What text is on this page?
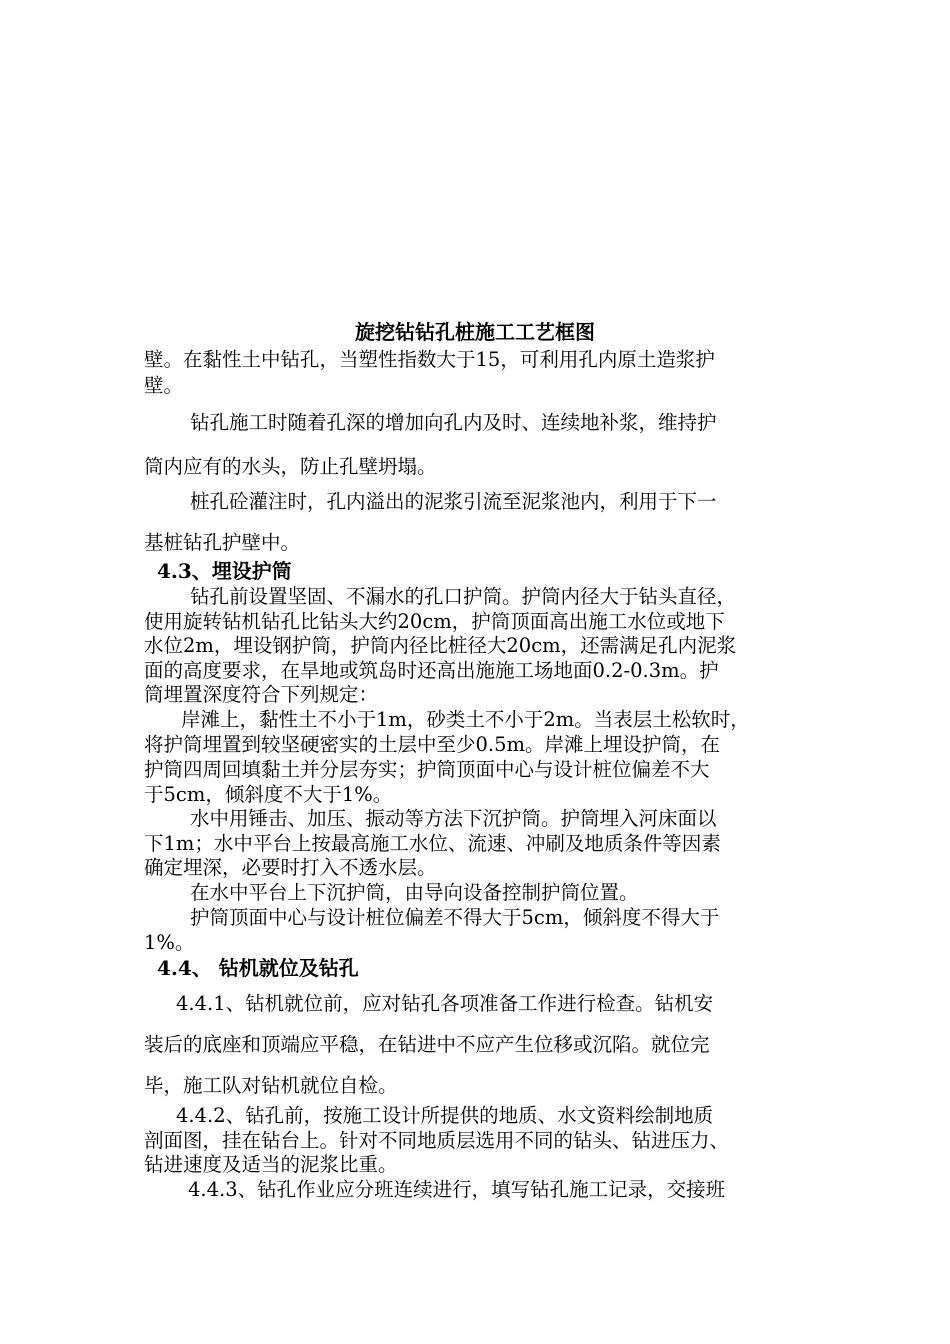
旋挖钻钻孔桩施工工艺框图
壁。在黏性土中钻孔，当塑性指数大于15，可利用孔内原土造浆护
壁。
钻孔施工时随着孔深的增加向孔内及时、连续地补浆，维持护
筒内应有的水头，防止孔壁坍塌。
桩孔砼灌注时，孔内溢出的泥浆引流至泥浆池内，利用于下一
基桩钻孔护壁中。
4.3、埋设护筒
钻孔前设置坚固、不漏水的孔口护筒。护筒内径大于钻头直径，
使用旋转钻机钻孔比钻头大约20cm，护筒顶面高出施工水位或地下
水位2m，埋设钢护筒，护筒内径比桩径大20cm，还需满足孔内泥浆
面的高度要求，在旱地或筑岛时还高出施施工场地面0.2-0.3m。护
筒埋置深度符合下列规定：
岸滩上，黏性土不小于1m，砂类土不小于2m。当表层土松软时，
将护筒埋置到较坚硬密实的土层中至少0.5m。岸滩上埋设护筒，在
护筒四周回填黏土并分层夯实；护筒顶面中心与设计桩位偏差不大
于5cm，倾斜度不大于1%。
水中用锤击、加压、振动等方法下沉护筒。护筒埋入河床面以
下1m；水中平台上按最高施工水位、流速、冲刷及地质条件等因素
确定埋深，必要时打入不透水层。
在水中平台上下沉护筒，由导向设备控制护筒位置。
护筒顶面中心与设计桩位偏差不得大于5cm，倾斜度不得大于
1%。
4.4、 钻机就位及钻孔
4.4.1、钻机就位前，应对钻孔各项准备工作进行检查。钻机安
装后的底座和顶端应平稳，在钻进中不应产生位移或沉陷。就位完
毕，施工队对钻机就位自检。
4.4.2、钻孔前，按施工设计所提供的地质、水文资料绘制地质
剖面图，挂在钻台上。针对不同地质层选用不同的钻头、钻进压力、
钻进速度及适当的泥浆比重。
4.4.3、钻孔作业应分班连续进行，填写钻孔施工记录，交接班
